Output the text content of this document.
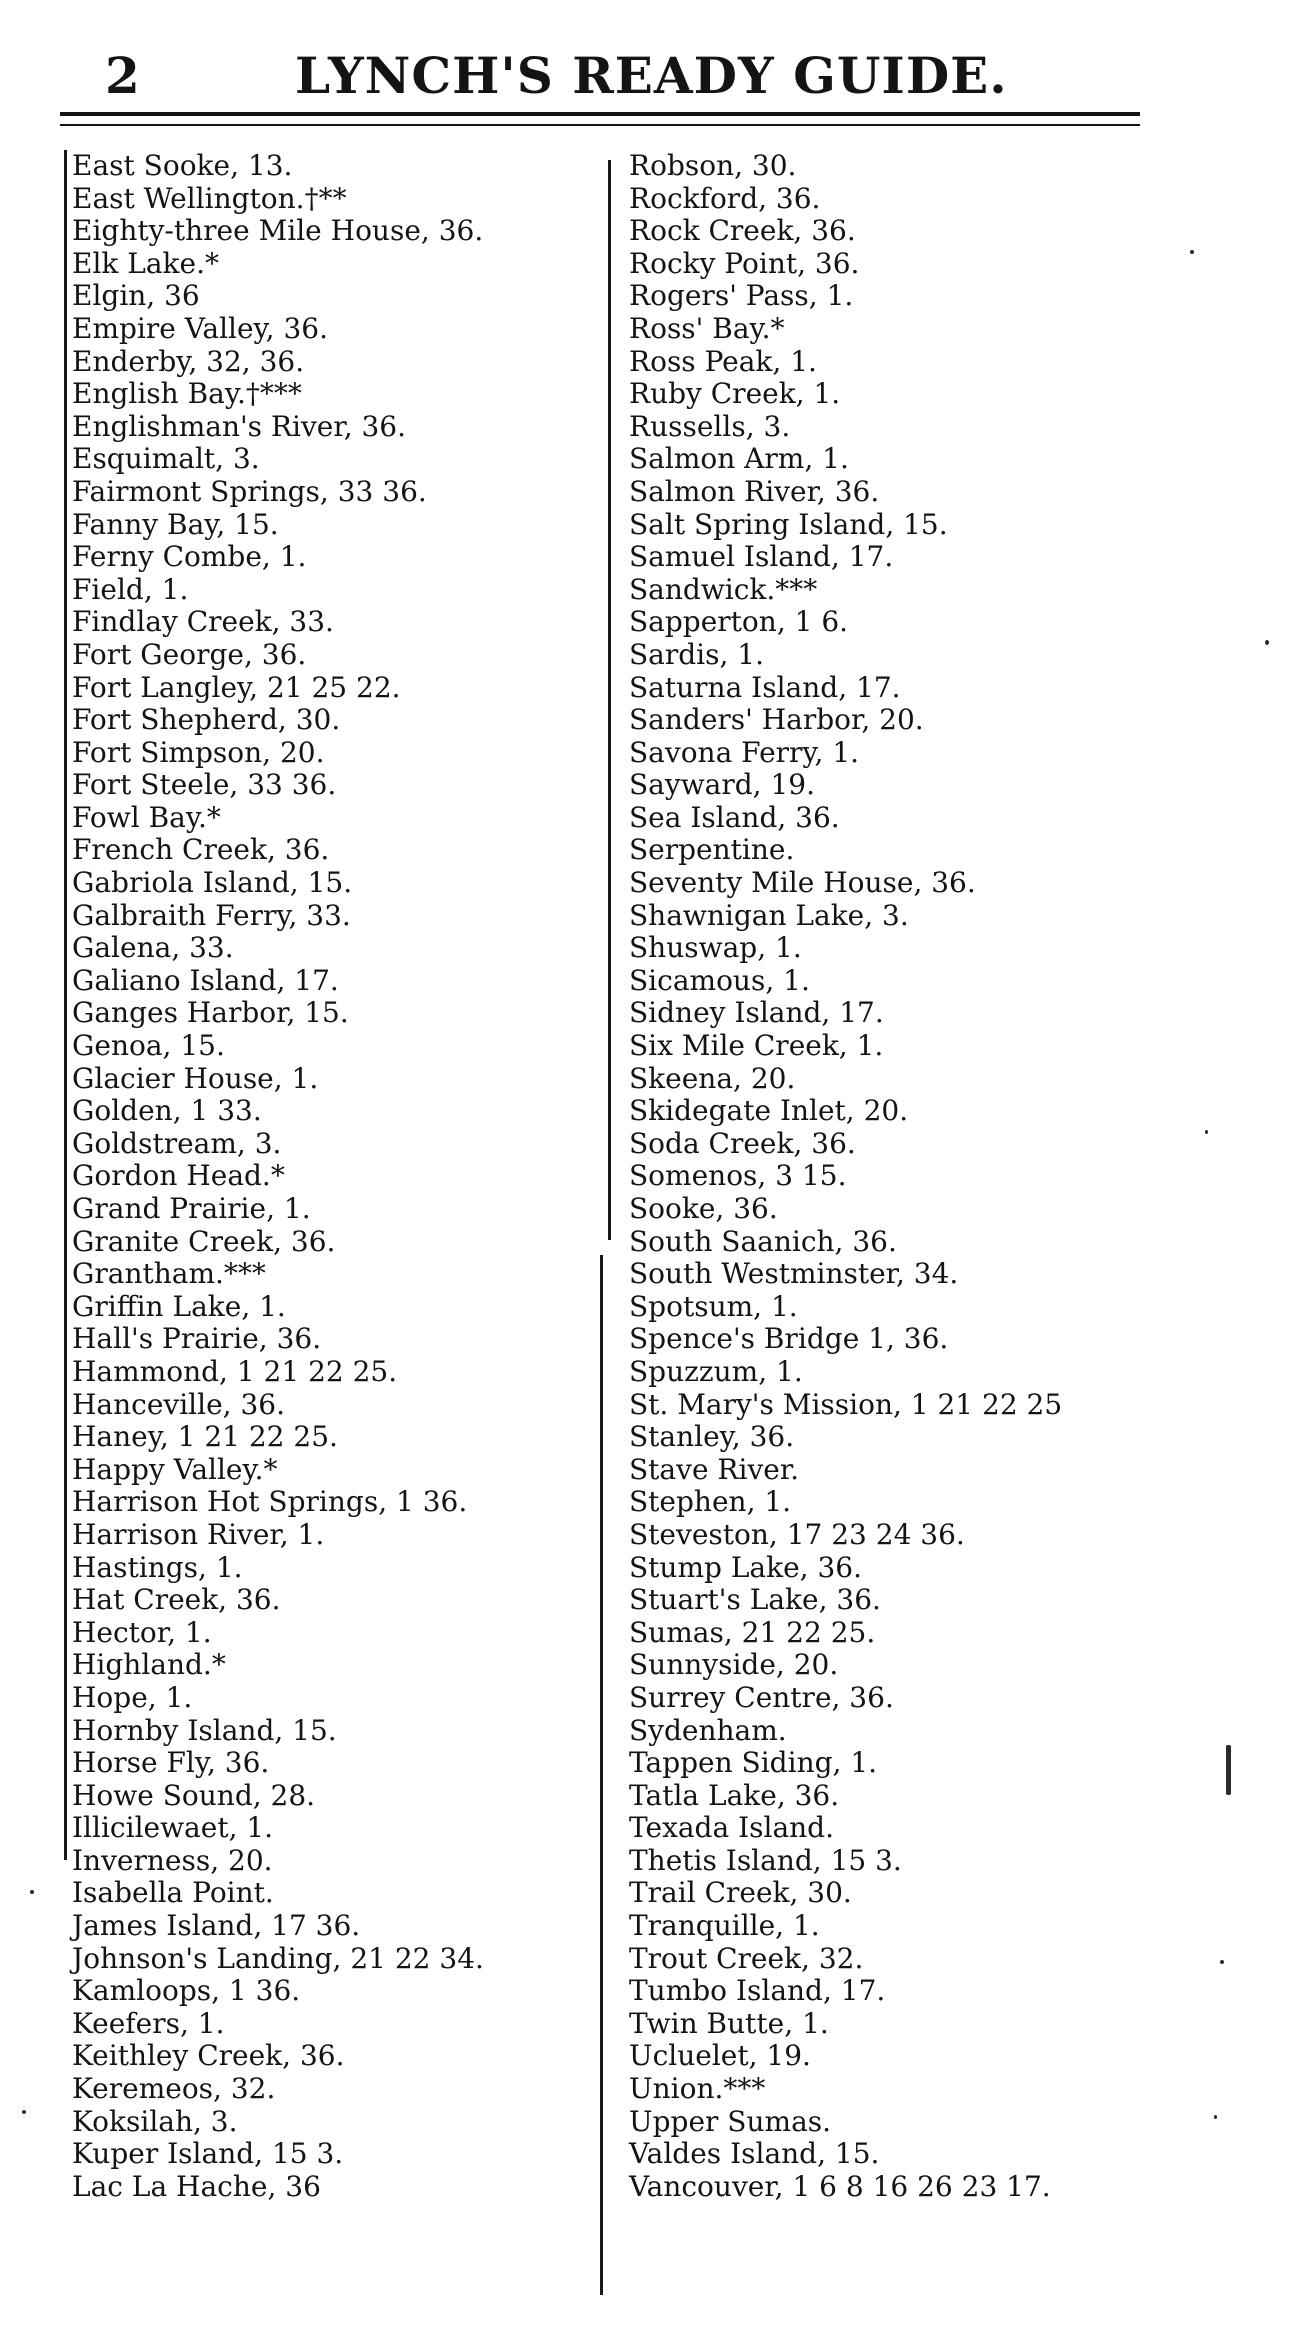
2	LYNCH'S READY GUIDE.
East Sooke, 13.
East Wellington.†**
Eighty-three Mile House, 36.
Elk Lake.*
Elgin, 36
Empire Valley, 36.
Enderby, 32, 36.
English Bay.†***
Englishman's River, 36.
Esquimalt, 3.
Fairmont Springs, 33 36.
Fanny Bay, 15.
Ferny Combe, 1.
Field, 1.
Findlay Creek, 33.
Fort George, 36.
Fort Langley, 21 25 22.
Fort Shepherd, 30.
Fort Simpson, 20.
Fort Steele, 33 36.
Fowl Bay.*
French Creek, 36.
Gabriola Island, 15.
Galbraith Ferry, 33.
Galena, 33.
Galiano Island, 17.
Ganges Harbor, 15.
Genoa, 15.
Glacier House, 1.
Golden, 1 33.
Goldstream, 3.
Gordon Head.*
Grand Prairie, 1.
Granite Creek, 36.
Grantham.***
Griffin Lake, 1.
Hall's Prairie, 36.
Hammond, 1 21 22 25.
Hanceville, 36.
Haney, 1 21 22 25.
Happy Valley.*
Harrison Hot Springs, 1 36.
Harrison River, 1.
Hastings, 1.
Hat Creek, 36.
Hector, 1.
Highland.*
Hope, 1.
Hornby Island, 15.
Horse Fly, 36.
Howe Sound, 28.
Illicilewaet, 1.
Inverness, 20.
Isabella Point.
James Island, 17 36.
Johnson's Landing, 21 22 34.
Kamloops, 1 36.
Keefers, 1.
Keithley Creek, 36.
Keremeos, 32.
Koksilah, 3.
Kuper Island, 15 3.
Lac La Hache, 36
Robson, 30.
Rockford, 36.
Rock Creek, 36.
Rocky Point, 36.
Rogers' Pass, 1.
Ross' Bay.*
Ross Peak, 1.
Ruby Creek, 1.
Russells, 3.
Salmon Arm, 1.
Salmon River, 36.
Salt Spring Island, 15.
Samuel Island, 17.
Sandwick.***
Sapperton, 1 6.
Sardis, 1.
Saturna Island, 17.
Sanders' Harbor, 20.
Savona Ferry, 1.
Sayward, 19.
Sea Island, 36.
Serpentine.
Seventy Mile House, 36.
Shawnigan Lake, 3.
Shuswap, 1.
Sicamous, 1.
Sidney Island, 17.
Six Mile Creek, 1.
Skeena, 20.
Skidegate Inlet, 20.
Soda Creek, 36.
Somenos, 3 15.
Sooke, 36.
South Saanich, 36.
South Westminster, 34.
Spotsum, 1.
Spence's Bridge 1, 36.
Spuzzum, 1.
St. Mary's Mission, 1 21 22 25
Stanley, 36.
Stave River.
Stephen, 1.
Steveston, 17 23 24 36.
Stump Lake, 36.
Stuart's Lake, 36.
Sumas, 21 22 25.
Sunnyside, 20.
Surrey Centre, 36.
Sydenham.
Tappen Siding, 1.
Tatla Lake, 36.
Texada Island.
Thetis Island, 15 3.
Trail Creek, 30.
Tranquille, 1.
Trout Creek, 32.
Tumbo Island, 17.
Twin Butte, 1.
Ucluelet, 19.
Union.***
Upper Sumas.
Valdes Island, 15.
Vancouver, 1 6 8 16 26 23 17.
